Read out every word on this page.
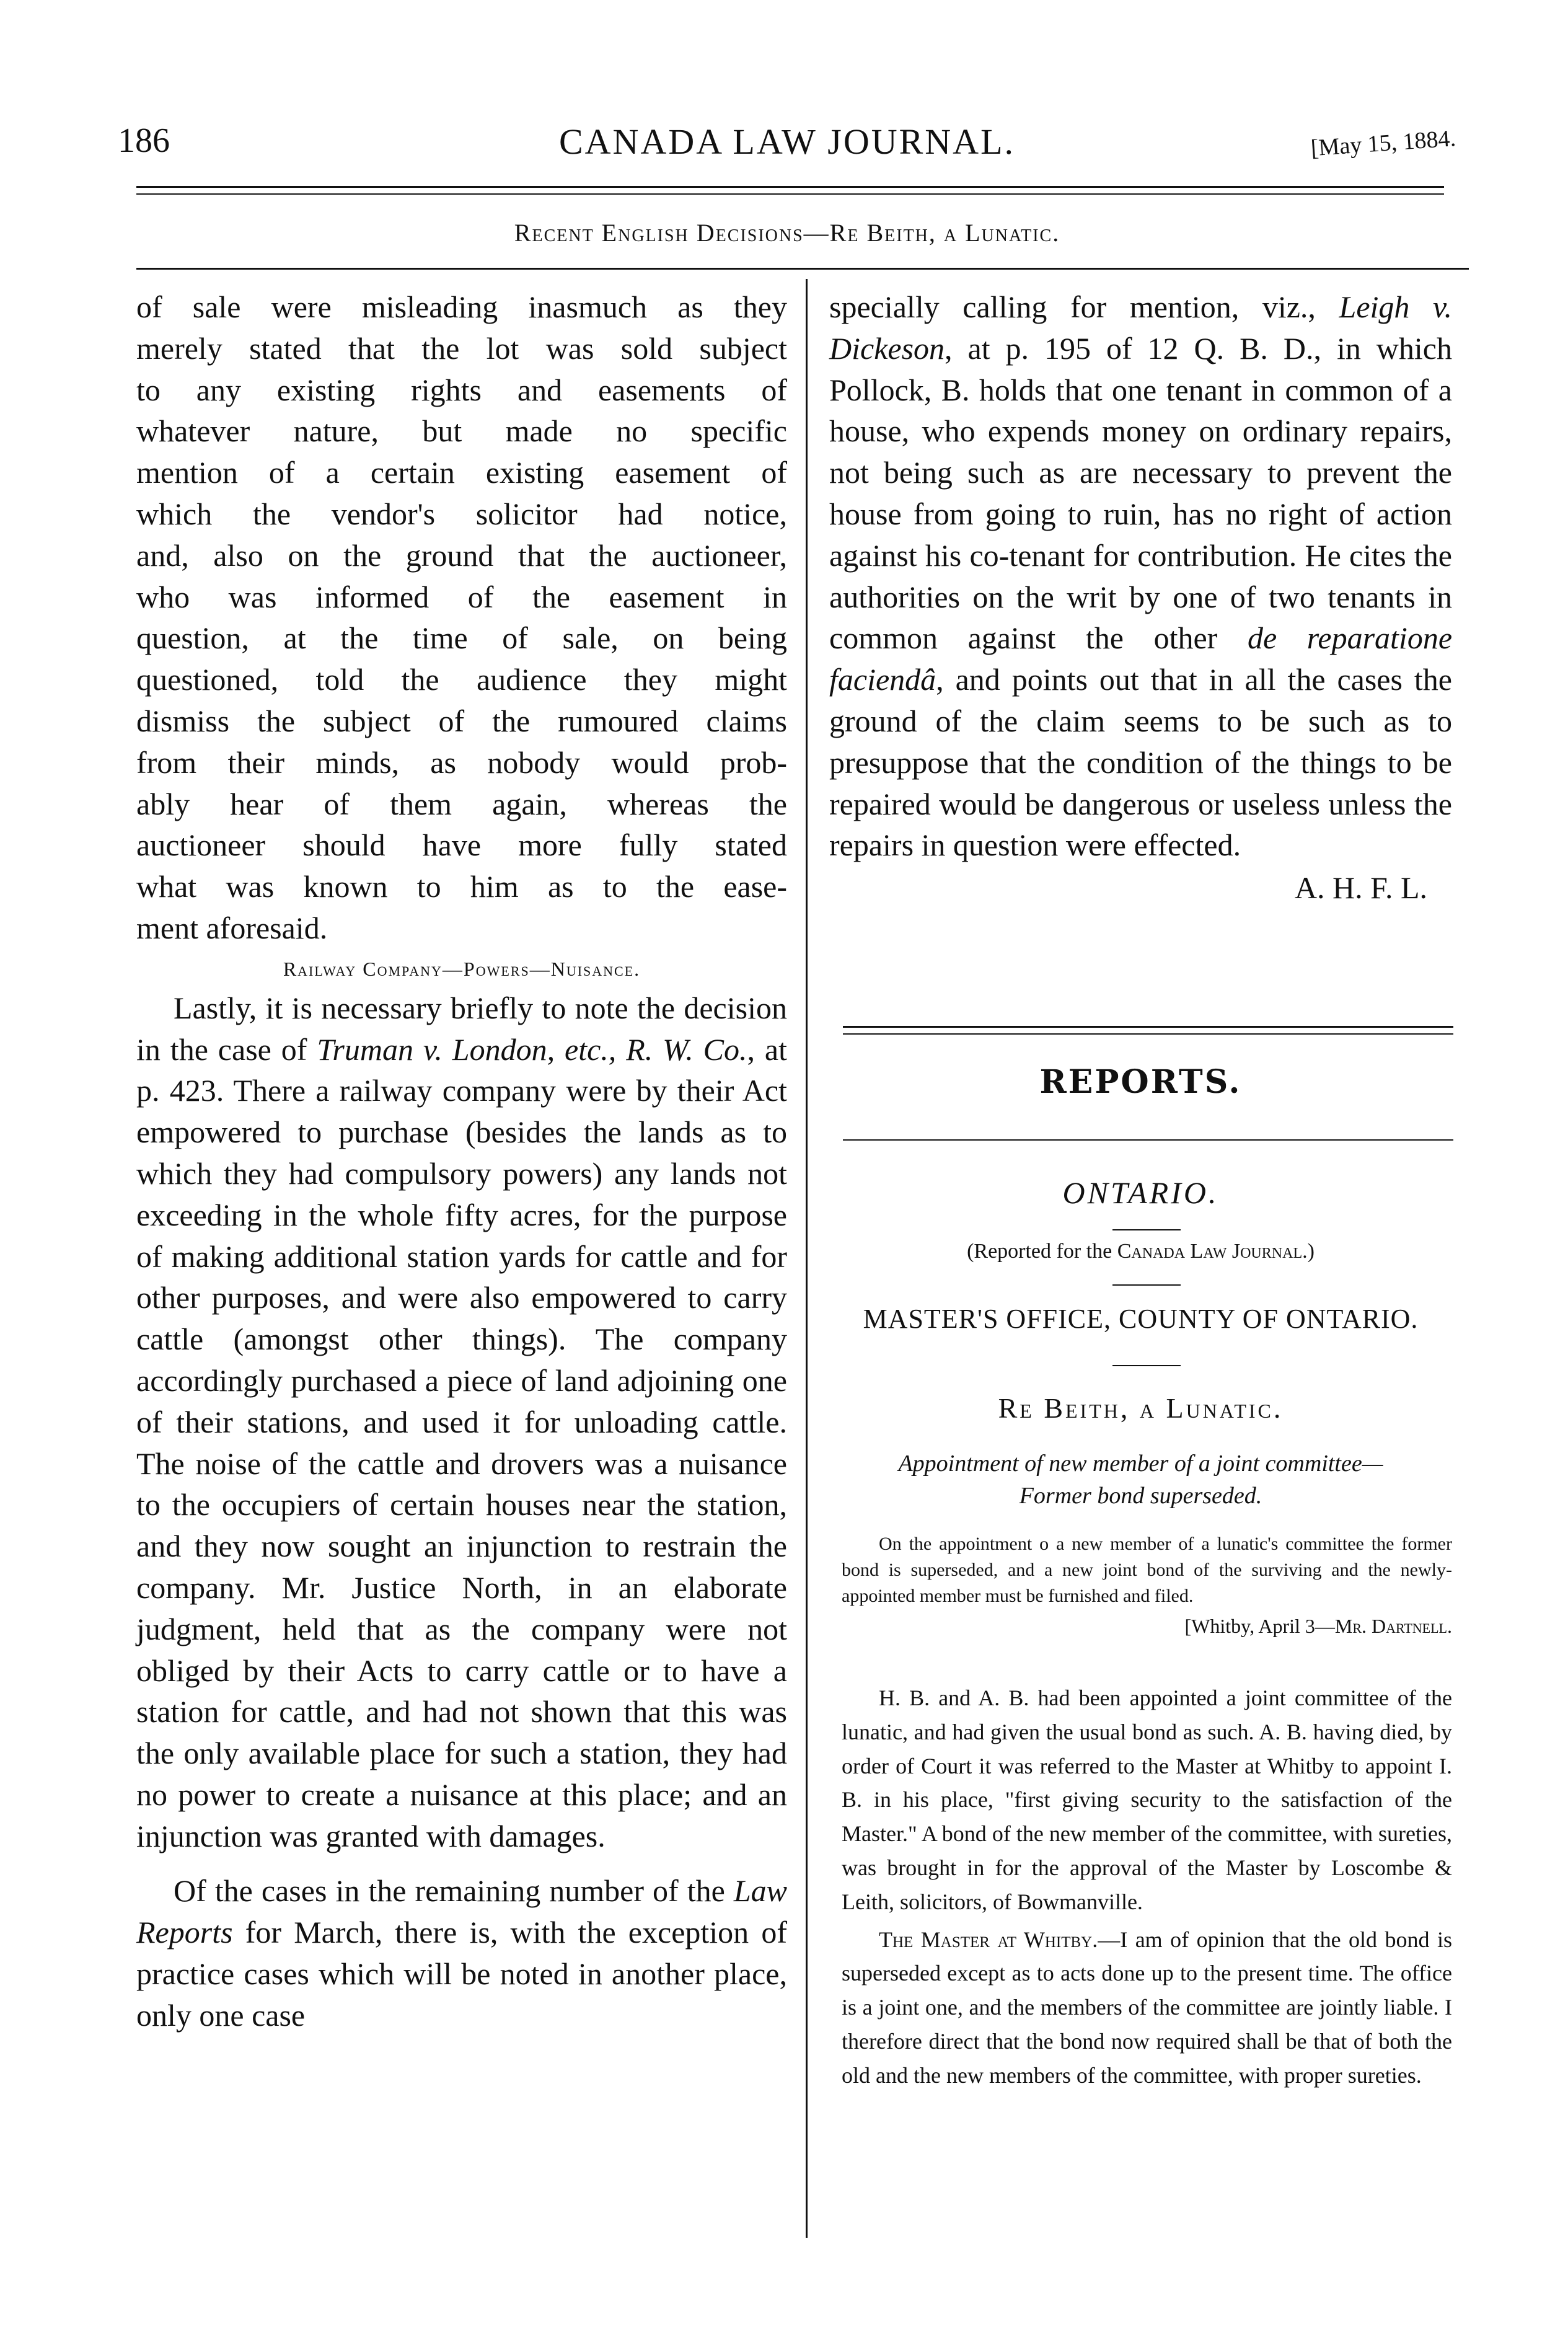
186	CANADA LAW JOURNAL.	[May 15, 1884.
Recent English Decisions—Re Beith, a Lunatic.
of sale were misleading inasmuch as they
merely stated that the lot was sold subject
to any existing rights and easements of
whatever nature, but made no specific
mention of a certain existing easement of
which the vendor's solicitor had notice,
and, also on the ground that the auctioneer,
who was informed of the easement in
question, at the time of sale, on being
questioned, told the audience they might
dismiss the subject of the rumoured claims
from their minds, as nobody would prob-
ably hear of them again, whereas the
auctioneer should have more fully stated
what was known to him as to the ease-
ment aforesaid.
Railway Company—Powers—Nuisance.

Lastly, it is necessary briefly to note the decision in the case of Truman v. London, etc., R. W. Co., at p. 423. There a railway company were by their Act empowered to purchase (besides the lands as to which they had compulsory powers) any lands not exceeding in the whole fifty acres, for the purpose of making additional station yards for cattle and for other purposes, and were also empowered to carry cattle (amongst other things). The company accordingly purchased a piece of land adjoining one of their stations, and used it for unloading cattle. The noise of the cattle and drovers was a nuisance to the occupiers of certain houses near the station, and they now sought an injunction to restrain the company. Mr. Justice North, in an elaborate judgment, held that as the company were not obliged by their Acts to carry cattle or to have a station for cattle, and had not shown that this was the only available place for such a station, they had no power to create a nuisance at this place; and an injunction was granted with damages.

Of the cases in the remaining number of the Law Reports for March, there is, with the exception of practice cases which will be noted in another place, only one case

specially calling for mention, viz., Leigh v. Dickeson, at p. 195 of 12 Q. B. D., in which Pollock, B. holds that one tenant in common of a house, who expends money on ordinary repairs, not being such as are necessary to prevent the house from going to ruin, has no right of action against his co-tenant for contribution. He cites the authorities on the writ by one of two tenants in common against the other de reparatione faciendâ, and points out that in all the cases the ground of the claim seems to be such as to presuppose that the condition of the things to be repaired would be dangerous or useless unless the repairs in question were effected.

A. H. F. L.
REPORTS.
ONTARIO.
(Reported for the Canada Law Journal.)
MASTER'S OFFICE, COUNTY OF ONTARIO.
Re Beith, a Lunatic.
Appointment of new member of a joint committee—
Former bond superseded.

On the appointment o a new member of a lunatic's committee the former bond is superseded, and a new joint bond of the surviving and the newly-appointed member must be furnished and filed.

[Whitby, April 3—Mr. Dartnell.

H. B. and A. B. had been appointed a joint committee of the lunatic, and had given the usual bond as such. A. B. having died, by order of Court it was referred to the Master at Whitby to appoint I. B. in his place, "first giving security to the satisfaction of the Master." A bond of the new member of the committee, with sureties, was brought in for the approval of the Master by Loscombe & Leith, solicitors, of Bowmanville.

The Master at Whitby.—I am of opinion that the old bond is superseded except as to acts done up to the present time. The office is a joint one, and the members of the committee are jointly liable. I therefore direct that the bond now required shall be that of both the old and the new members of the committee, with proper sureties.
